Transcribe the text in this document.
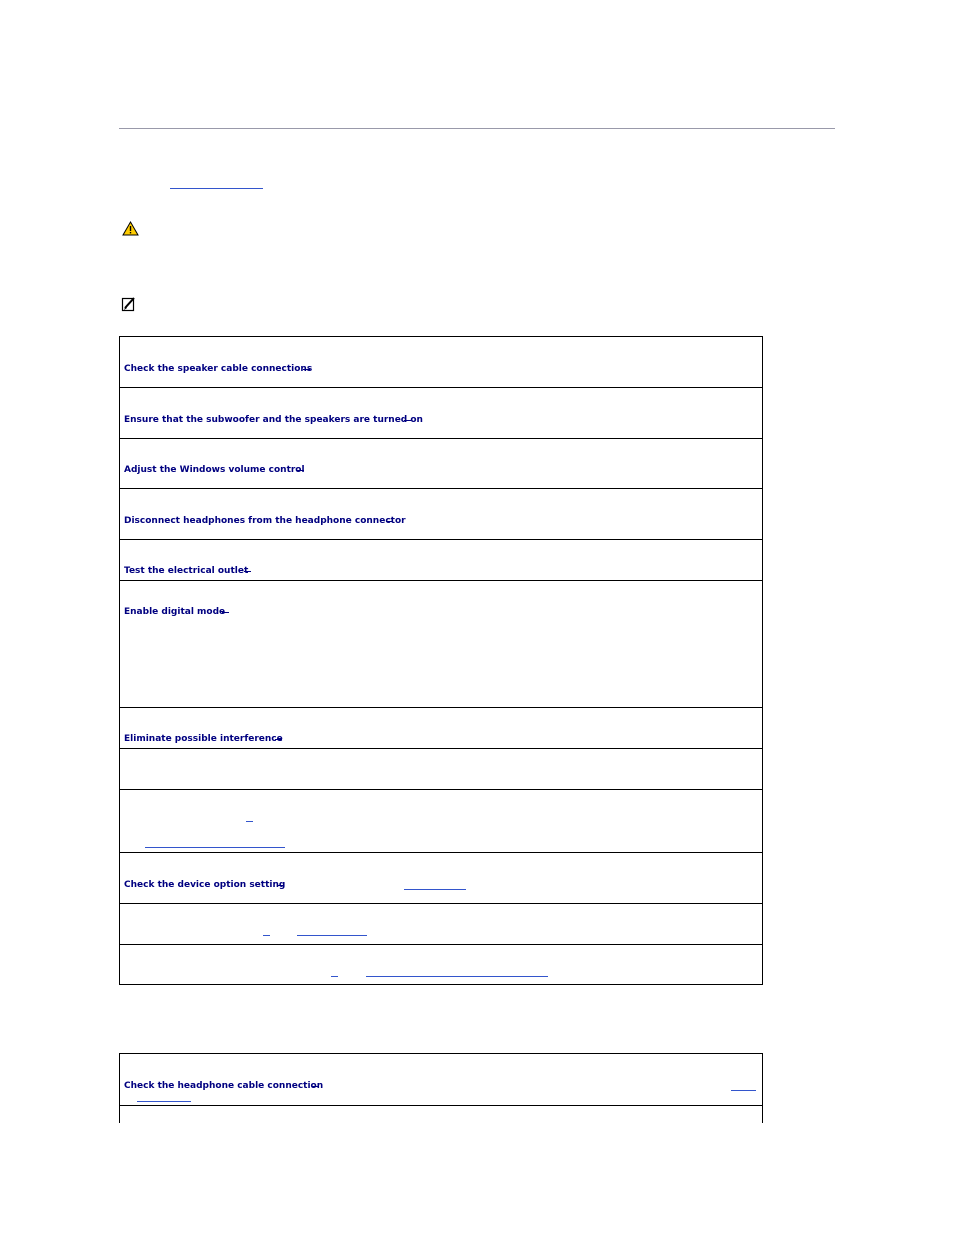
Check the speaker cable connections
Ensure that the subwoofer and the speakers are turned on
Adjust the Windows volume control
Disconnect headphones from the headphone connector
Test the electrical outlet
Enable digital mode
Eliminate possible interference
Check the device option setting
Check the headphone cable connection
